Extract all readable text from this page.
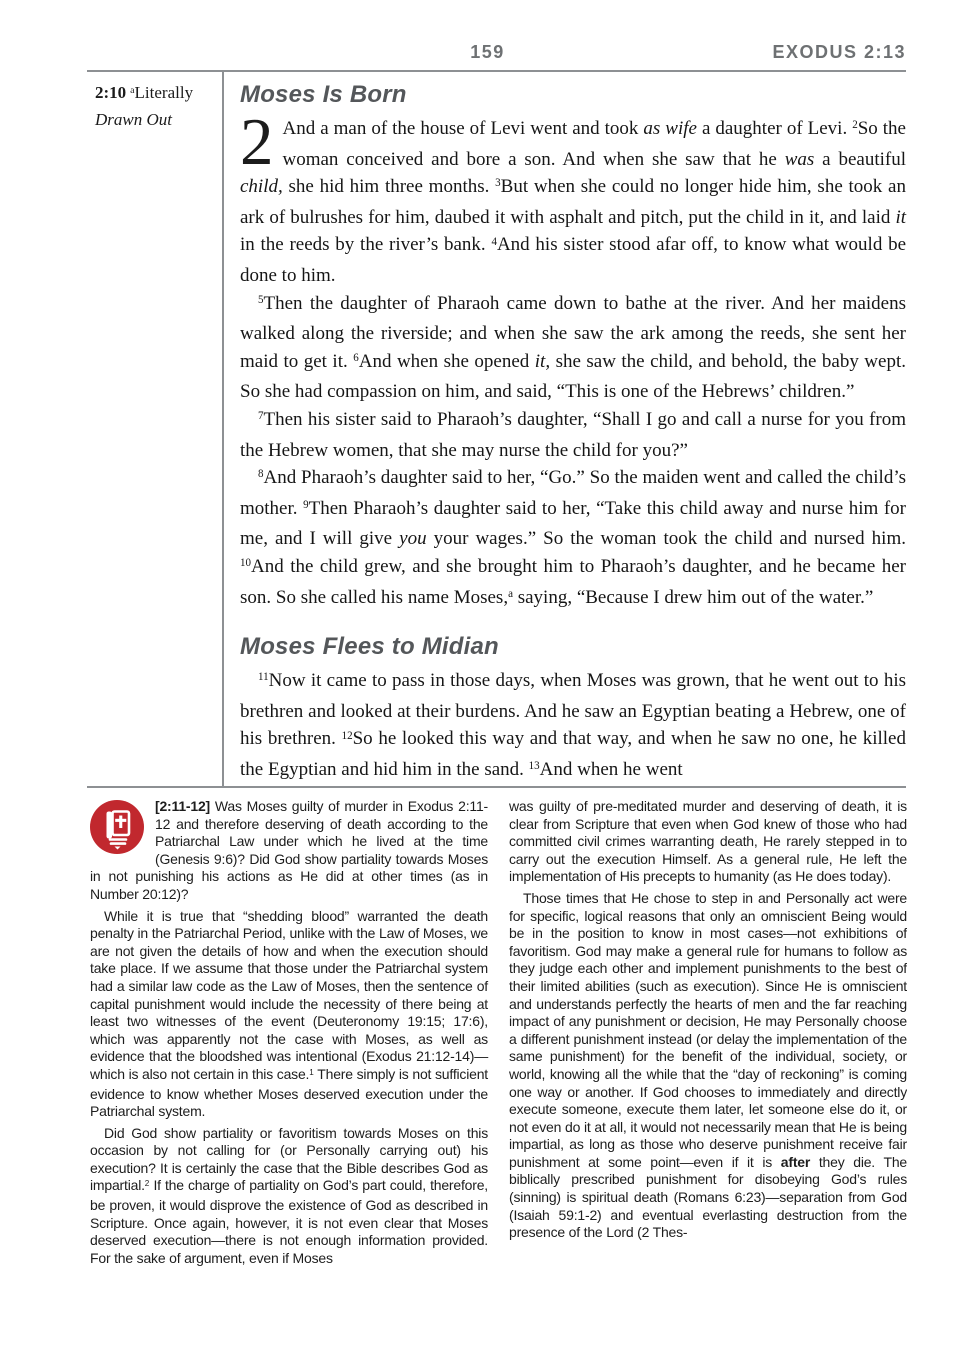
159	EXODUS 2:13
2:10 $^a$Literally
Drawn Out
Moses Is Born

2 And a man of the house of Levi went and took as wife a daughter of Levi. $^2$So the woman conceived and bore a son. And when she saw that he was a beautiful child, she hid him three months. $^3$But when she could no longer hide him, she took an ark of bulrushes for him, daubed it with asphalt and pitch, put the child in it, and laid it in the reeds by the river’s bank. $^4$And his sister stood afar off, to know what would be done to him.

$^5$Then the daughter of Pharaoh came down to bathe at the river. And her maidens walked along the riverside; and when she saw the ark among the reeds, she sent her maid to get it. $^6$And when she opened it, she saw the child, and behold, the baby wept. So she had compassion on him, and said, “This is one of the Hebrews’ children.”

$^7$Then his sister said to Pharaoh’s daughter, “Shall I go and call a nurse for you from the Hebrew women, that she may nurse the child for you?”

$^8$And Pharaoh’s daughter said to her, “Go.” So the maiden went and called the child’s mother. $^9$Then Pharaoh’s daughter said to her, “Take this child away and nurse him for me, and I will give you your wages.” So the woman took the child and nursed him. $^{10}$And the child grew, and she brought him to Pharaoh’s daughter, and he became her son. So she called his name Moses,$^a$ saying, “Because I drew him out of the water.”

Moses Flees to Midian

$^{11}$Now it came to pass in those days, when Moses was grown, that he went out to his brethren and looked at their burdens. And he saw an Egyptian beating a Hebrew, one of his brethren. $^{12}$So he looked this way and that way, and when he saw no one, he killed the Egyptian and hid him in the sand. $^{13}$And when he went

[2:11-12] Was Moses guilty of murder in Exodus 2:11-12 and therefore deserving of death according to the Patriarchal Law under which he lived at the time (Genesis 9:6)? Did God show partiality towards Moses in not punishing his actions as He did at other times (as in Number 20:12)?

While it is true that “shedding blood” warranted the death penalty in the Patriarchal Period, unlike with the Law of Moses, we are not given the details of how and when the execution should take place. If we assume that those under the Patriarchal system had a similar law code as the Law of Moses, then the sentence of capital punishment would include the necessity of there being at least two witnesses of the event (Deuteronomy 19:15; 17:6), which was apparently not the case with Moses, as well as evidence that the bloodshed was intentional (Exodus 21:12-14)—which is also not certain in this case.$^1$ There simply is not sufficient evidence to know whether Moses deserved execution under the Patriarchal system.

Did God show partiality or favoritism towards Moses on this occasion by not calling for (or Personally carrying out) his execution? It is certainly the case that the Bible describes God as impartial.$^2$ If the charge of partiality on God’s part could, therefore, be proven, it would disprove the existence of God as described in Scripture. Once again, however, it is not even clear that Moses deserved execution—there is not enough information provided. For the sake of argument, even if Moses

was guilty of pre-meditated murder and deserving of death, it is clear from Scripture that even when God knew of those who had committed civil crimes warranting death, He rarely stepped in to carry out the execution Himself. As a general rule, He left the implementation of His precepts to humanity (as He does today).

Those times that He chose to step in and Personally act were for specific, logical reasons that only an omniscient Being would be in the position to know in most cases—not exhibitions of favoritism. God may make a general rule for humans to follow as they judge each other and implement punishments to the best of their limited abilities (such as execution). Since He is omniscient and understands perfectly the hearts of men and the far reaching impact of any punishment or decision, He may Personally choose a different punishment instead (or delay the implementation of the same punishment) for the benefit of the individual, society, or world, knowing all the while that the “day of reckoning” is coming one way or another. If God chooses to immediately and directly execute someone, execute them later, let someone else do it, or not even do it at all, it would not necessarily mean that He is being impartial, as long as those who deserve punishment receive fair punishment at some point—even if it is after they die. The biblically prescribed punishment for disobeying God’s rules (sinning) is spiritual death (Romans 6:23)—separation from God (Isaiah 59:1-2) and eventual everlasting destruction from the presence of the Lord (2 Thes-
